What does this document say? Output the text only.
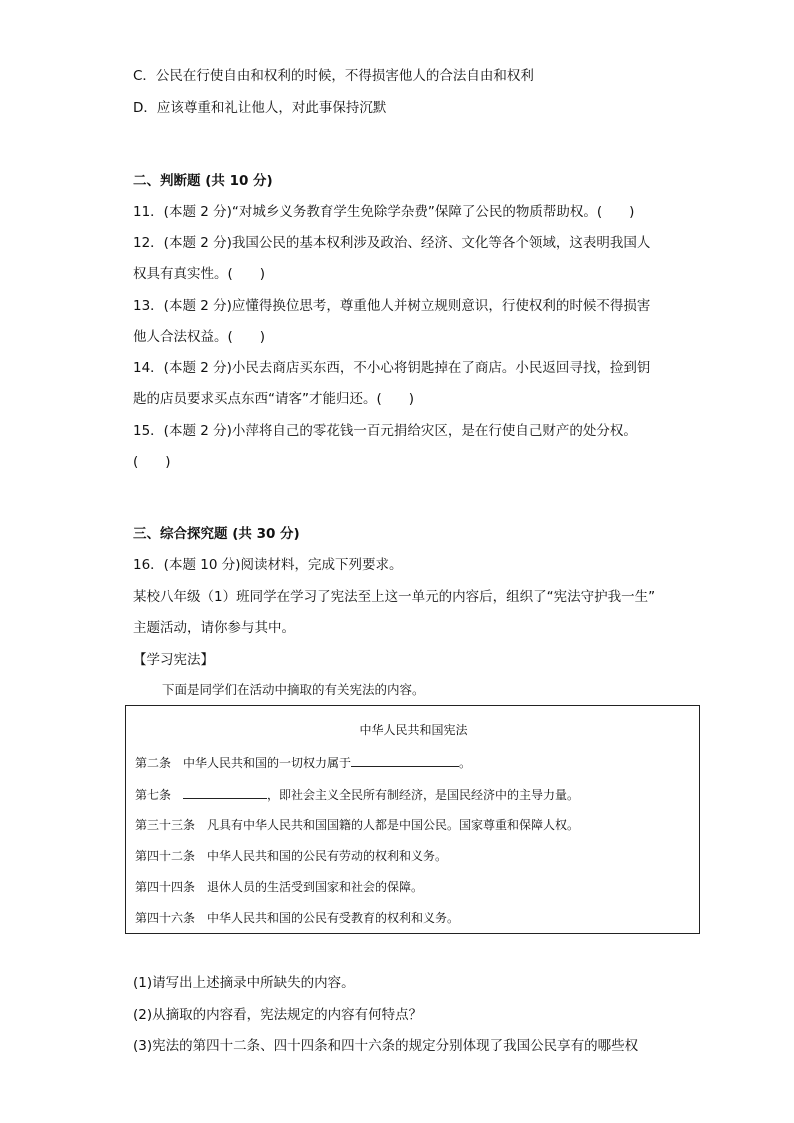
C．公民在行使自由和权利的时候，不得损害他人的合法自由和权利
D．应该尊重和礼让他人，对此事保持沉默
二、判断题 (共 10 分)
11．(本题 2 分)“对城乡义务教育学生免除学杂费”保障了公民的物质帮助权。(　　)
12．(本题 2 分)我国公民的基本权利涉及政治、经济、文化等各个领域，这表明我国人
权具有真实性。(　　)
13．(本题 2 分)应懂得换位思考，尊重他人并树立规则意识，行使权利的时候不得损害
他人合法权益。(　　)
14．(本题 2 分)小民去商店买东西，不小心将钥匙掉在了商店。小民返回寻找，捡到钥
匙的店员要求买点东西“请客”才能归还。(　　)
15．(本题 2 分)小萍将自己的零花钱一百元捐给灾区，是在行使自己财产的处分权。
(　　)
三、综合探究题 (共 30 分)
16．(本题 10 分)阅读材料，完成下列要求。
某校八年级（1）班同学在学习了宪法至上这一单元的内容后，组织了“宪法守护我一生”
主题活动，请你参与其中。
【学习宪法】
下面是同学们在活动中摘取的有关宪法的内容。
中华人民共和国宪法
第二条　中华人民共和国的一切权力属于	。
第七条　	，即社会主义全民所有制经济，是国民经济中的主导力量。
第三十三条　凡具有中华人民共和国国籍的人都是中国公民。国家尊重和保障人权。
第四十二条　中华人民共和国的公民有劳动的权利和义务。
第四十四条　退休人员的生活受到国家和社会的保障。
第四十六条　中华人民共和国的公民有受教育的权利和义务。
(1)请写出上述摘录中所缺失的内容。
(2)从摘取的内容看，宪法规定的内容有何特点？
(3)宪法的第四十二条、四十四条和四十六条的规定分别体现了我国公民享有的哪些权
